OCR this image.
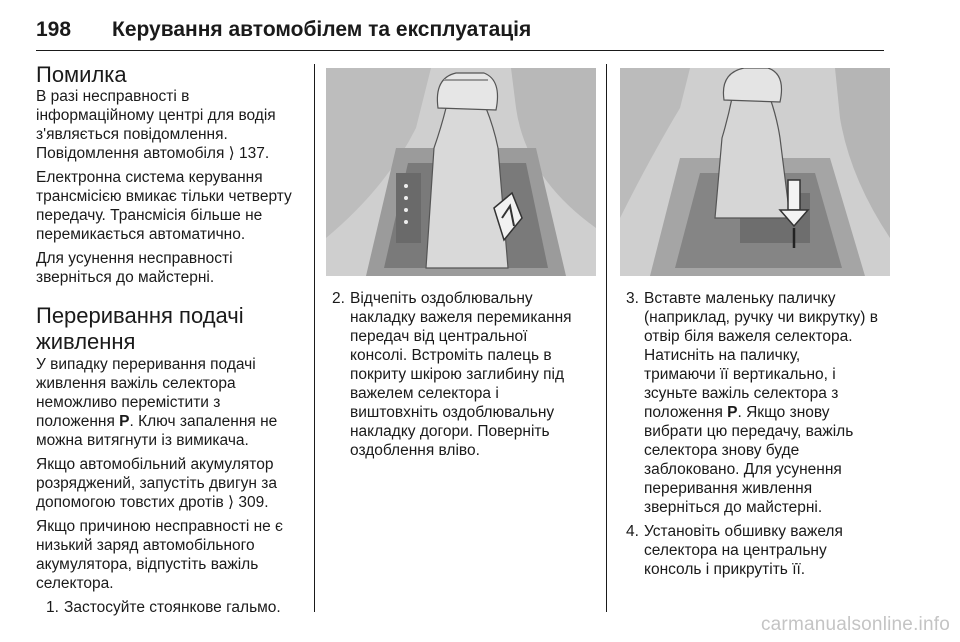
198 Керування автомобілем та експлуатація
Помилка

В разі несправності в
інформаційному центрі для водія
з'являється повідомлення.
Повідомлення автомобіля ⟩ 137.

Електронна система керування
трансмісією вмикає тільки четверту
передачу. Трансмісія більше не
перемикається автоматично.

Для усунення несправності
зверніться до майстерні.

Переривання подачі
живлення

У випадку переривання подачі
живлення важіль селектора
неможливо перемістити з
положення P. Ключ запалення не
можна витягнути із вимикача.

Якщо автомобільний акумулятор
розряджений, запустіть двигун за
допомогою товстих дротів ⟩ 309.

Якщо причиною несправності не є
низький заряд автомобільного
акумулятора, відпустіть важіль
селектора.

1. Застосуйте стоянкове гальмо.
2. Відчепіть оздоблювальну
накладку важеля перемикання
передач від центральної
консолі. Встроміть палець в
покриту шкірою заглибину під
важелем селектора і
виштовхніть оздоблювальну
накладку догори. Поверніть
оздоблення вліво.
3. Вставте маленьку паличку
(наприклад, ручку чи викрутку) в
отвір біля важеля селектора.
Натисніть на паличку,
тримаючи її вертикально, і
зсуньте важіль селектора з
положення P. Якщо знову
вибрати цю передачу, важіль
селектора знову буде
заблоковано. Для усунення
переривання живлення
зверніться до майстерні.
4. Установіть обшивку важеля
селектора на центральну
консоль і прикрутіть її.
carmanualsonline.info
